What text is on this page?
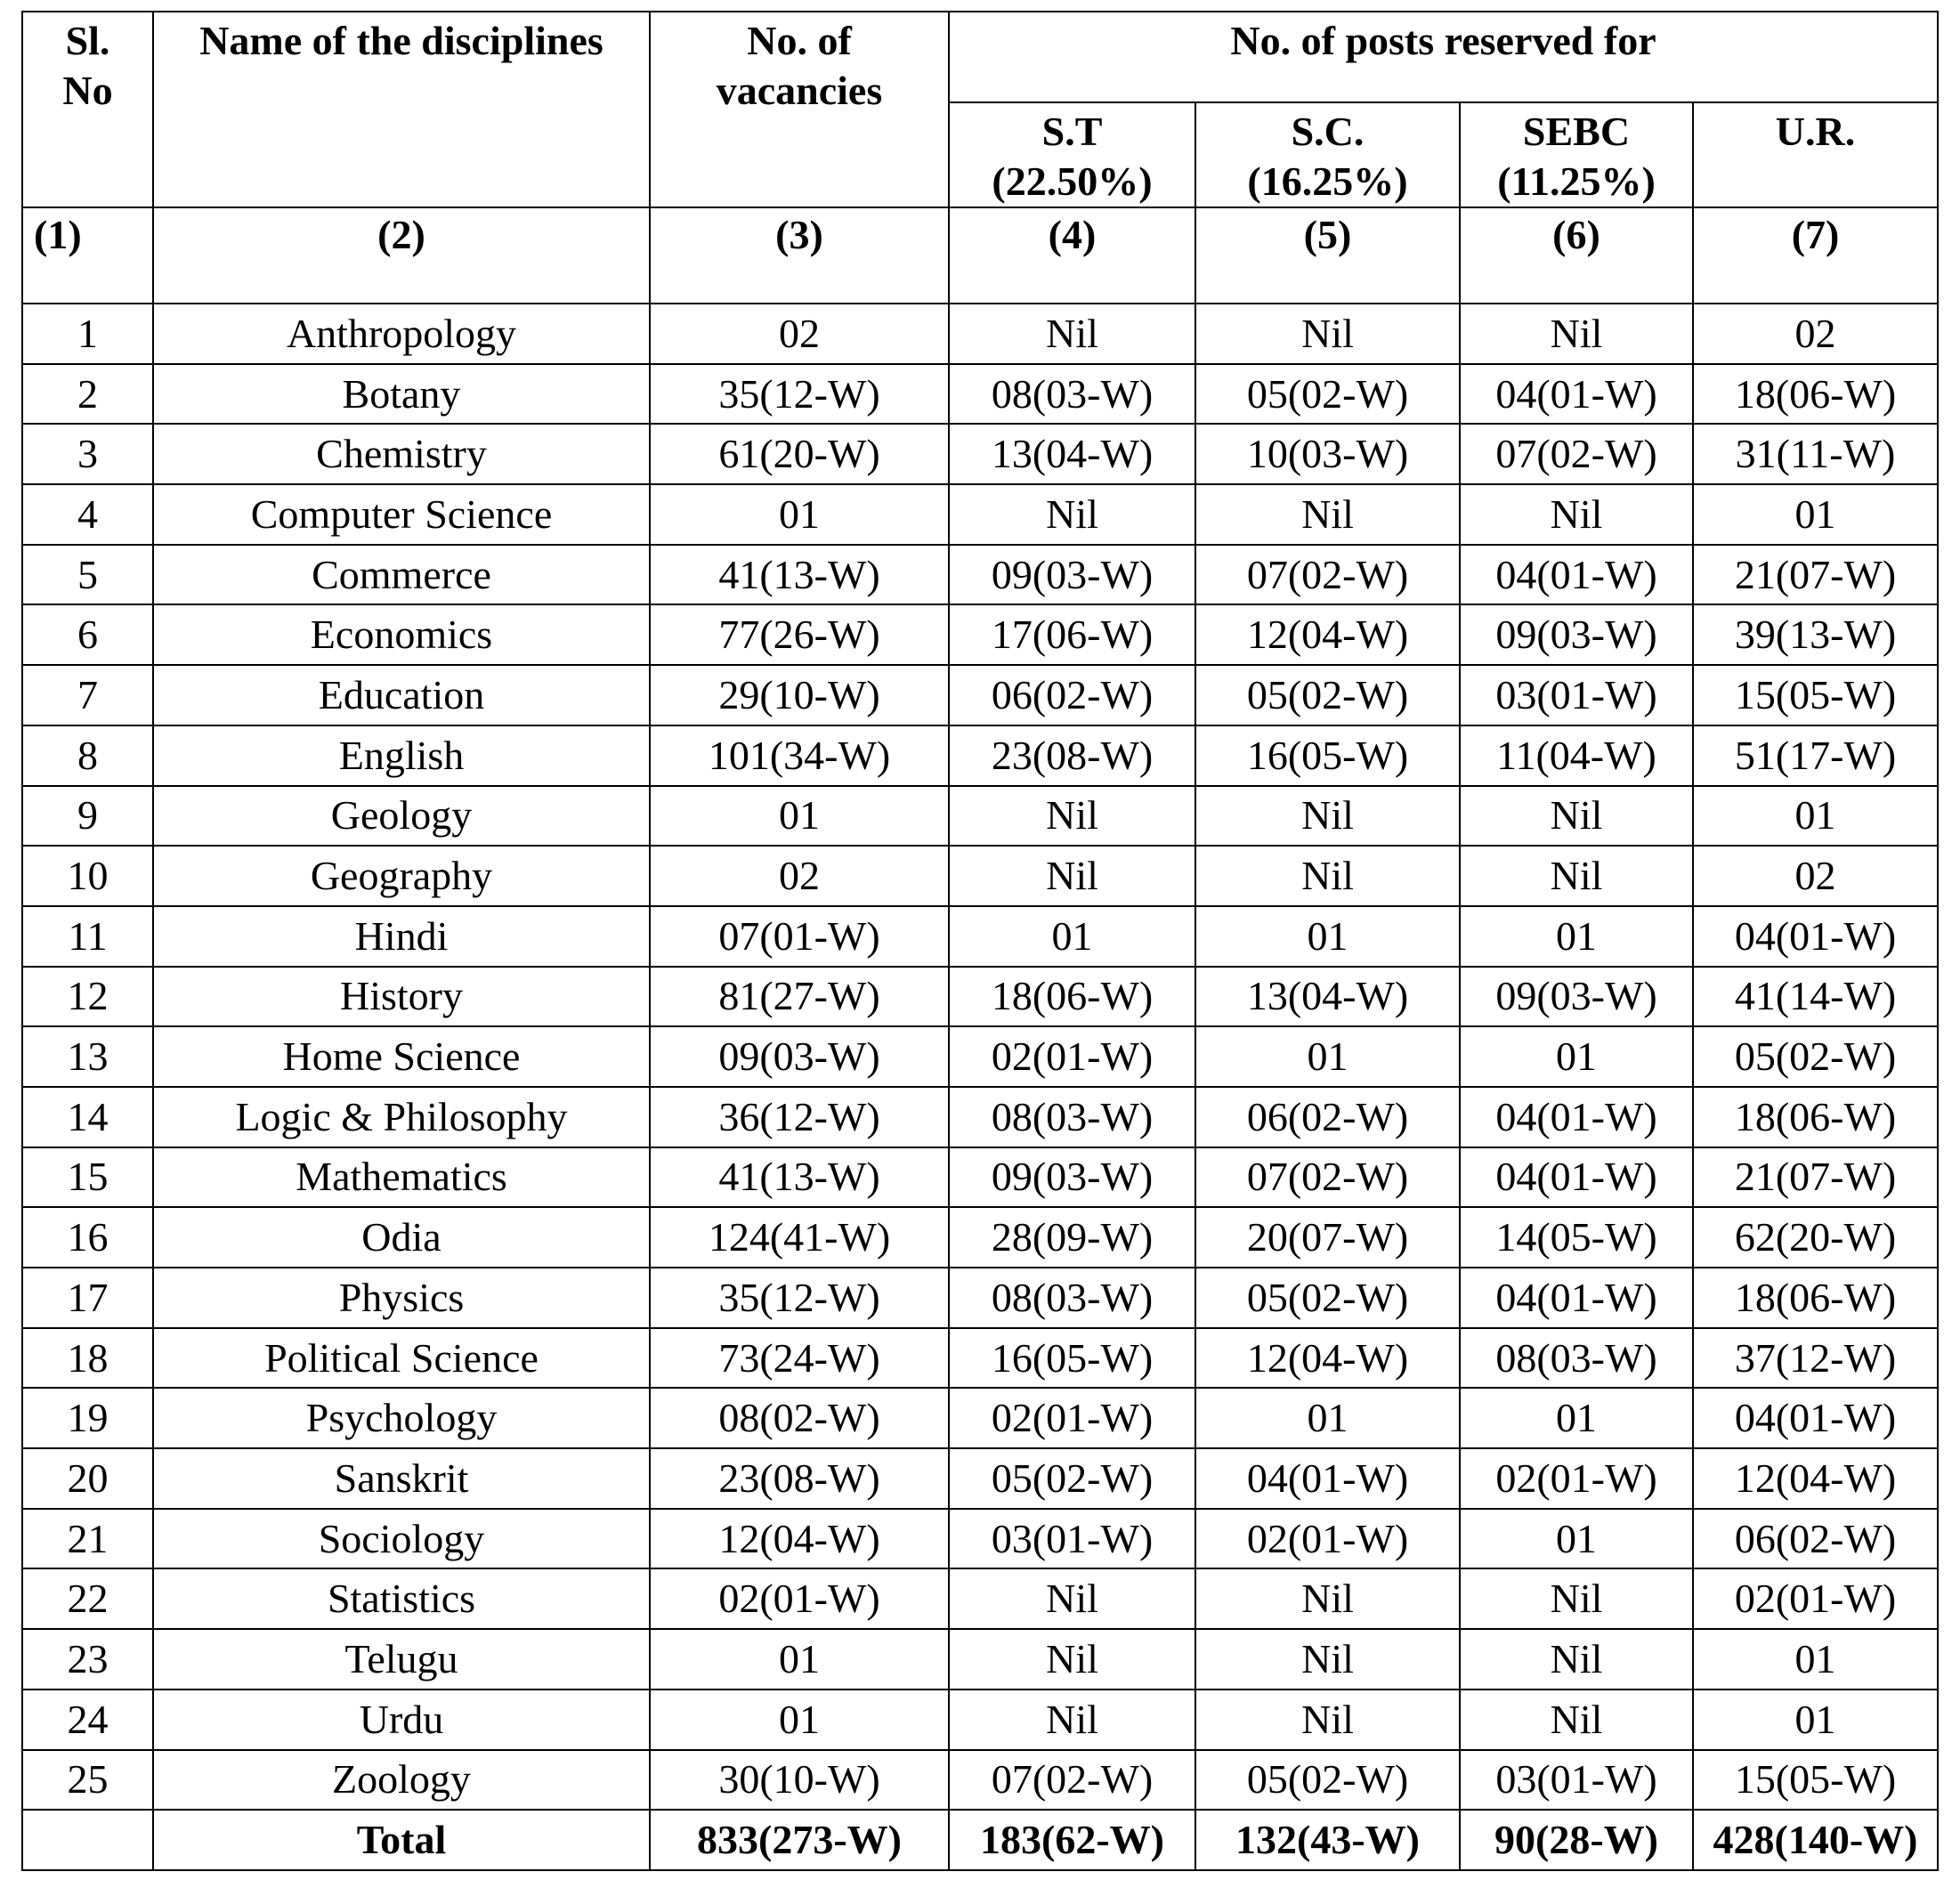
Sl. No	Name of the disciplines	No. of vacancies	No. of posts reserved for			
			S.T (22.50%)	S.C. (16.25%)	SEBC (11.25%)	U.R.
(1)	(2)	(3)	(4)	(5)	(6)	(7)
1	Anthropology	02	Nil	Nil	Nil	02
2	Botany	35(12-W)	08(03-W)	05(02-W)	04(01-W)	18(06-W)
3	Chemistry	61(20-W)	13(04-W)	10(03-W)	07(02-W)	31(11-W)
4	Computer Science	01	Nil	Nil	Nil	01
5	Commerce	41(13-W)	09(03-W)	07(02-W)	04(01-W)	21(07-W)
6	Economics	77(26-W)	17(06-W)	12(04-W)	09(03-W)	39(13-W)
7	Education	29(10-W)	06(02-W)	05(02-W)	03(01-W)	15(05-W)
8	English	101(34-W)	23(08-W)	16(05-W)	11(04-W)	51(17-W)
9	Geology	01	Nil	Nil	Nil	01
10	Geography	02	Nil	Nil	Nil	02
11	Hindi	07(01-W)	01	01	01	04(01-W)
12	History	81(27-W)	18(06-W)	13(04-W)	09(03-W)	41(14-W)
13	Home Science	09(03-W)	02(01-W)	01	01	05(02-W)
14	Logic & Philosophy	36(12-W)	08(03-W)	06(02-W)	04(01-W)	18(06-W)
15	Mathematics	41(13-W)	09(03-W)	07(02-W)	04(01-W)	21(07-W)
16	Odia	124(41-W)	28(09-W)	20(07-W)	14(05-W)	62(20-W)
17	Physics	35(12-W)	08(03-W)	05(02-W)	04(01-W)	18(06-W)
18	Political Science	73(24-W)	16(05-W)	12(04-W)	08(03-W)	37(12-W)
19	Psychology	08(02-W)	02(01-W)	01	01	04(01-W)
20	Sanskrit	23(08-W)	05(02-W)	04(01-W)	02(01-W)	12(04-W)
21	Sociology	12(04-W)	03(01-W)	02(01-W)	01	06(02-W)
22	Statistics	02(01-W)	Nil	Nil	Nil	02(01-W)
23	Telugu	01	Nil	Nil	Nil	01
24	Urdu	01	Nil	Nil	Nil	01
25	Zoology	30(10-W)	07(02-W)	05(02-W)	03(01-W)	15(05-W)
	Total	833(273-W)	183(62-W)	132(43-W)	90(28-W)	428(140-W)
